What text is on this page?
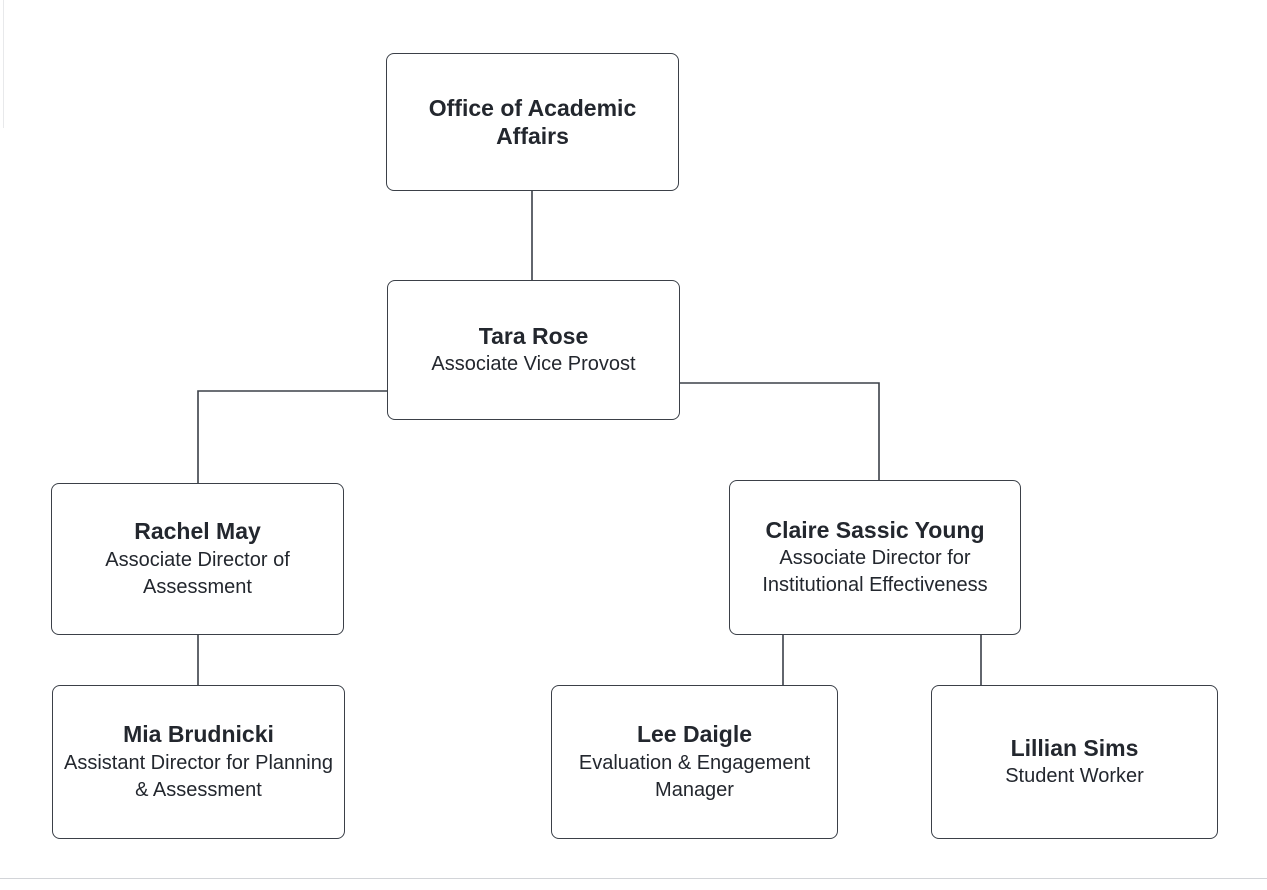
Office of Academic Affairs
Tara Rose
Associate Vice Provost
Rachel May
Associate Director of Assessment
Claire Sassic Young
Associate Director for Institutional Effectiveness
Mia Brudnicki
Assistant Director for Planning & Assessment
Lee Daigle
Evaluation & Engagement Manager
Lillian Sims
Student Worker
